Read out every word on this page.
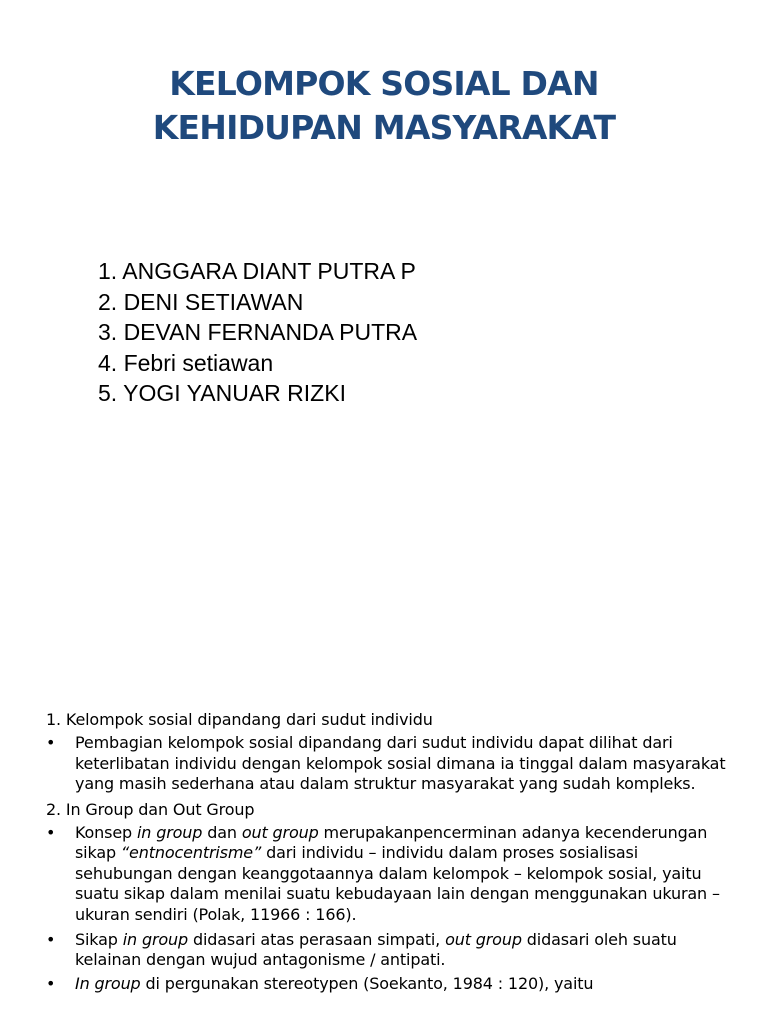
KELOMPOK SOSIAL DAN
KEHIDUPAN MASYARAKAT
1. ANGGARA DIANT PUTRA P
2. DENI SETIAWAN
3. DEVAN FERNANDA PUTRA
4. Febri setiawan
5. YOGI YANUAR RIZKI

1. Kelompok sosial dipandang dari sudut individu

• Pembagian kelompok sosial dipandang dari sudut individu dapat dilihat dari keterlibatan individu dengan kelompok sosial dimana ia tinggal dalam masyarakat yang masih sederhana atau dalam struktur masyarakat yang sudah kompleks.

2. In Group dan Out Group

• Konsep in group dan out group merupakanpencerminan adanya kecenderungan sikap “entnocentrisme” dari individu – individu dalam proses sosialisasi sehubungan dengan keanggotaannya dalam kelompok – kelompok sosial, yaitu suatu sikap dalam menilai suatu kebudayaan lain dengan menggunakan ukuran – ukuran sendiri (Polak, 11966 : 166).

• Sikap in group didasari atas perasaan simpati, out group didasari oleh suatu kelainan dengan wujud antagonisme / antipati.

• In group di pergunakan stereotypen (Soekanto, 1984 : 120), yaitu
